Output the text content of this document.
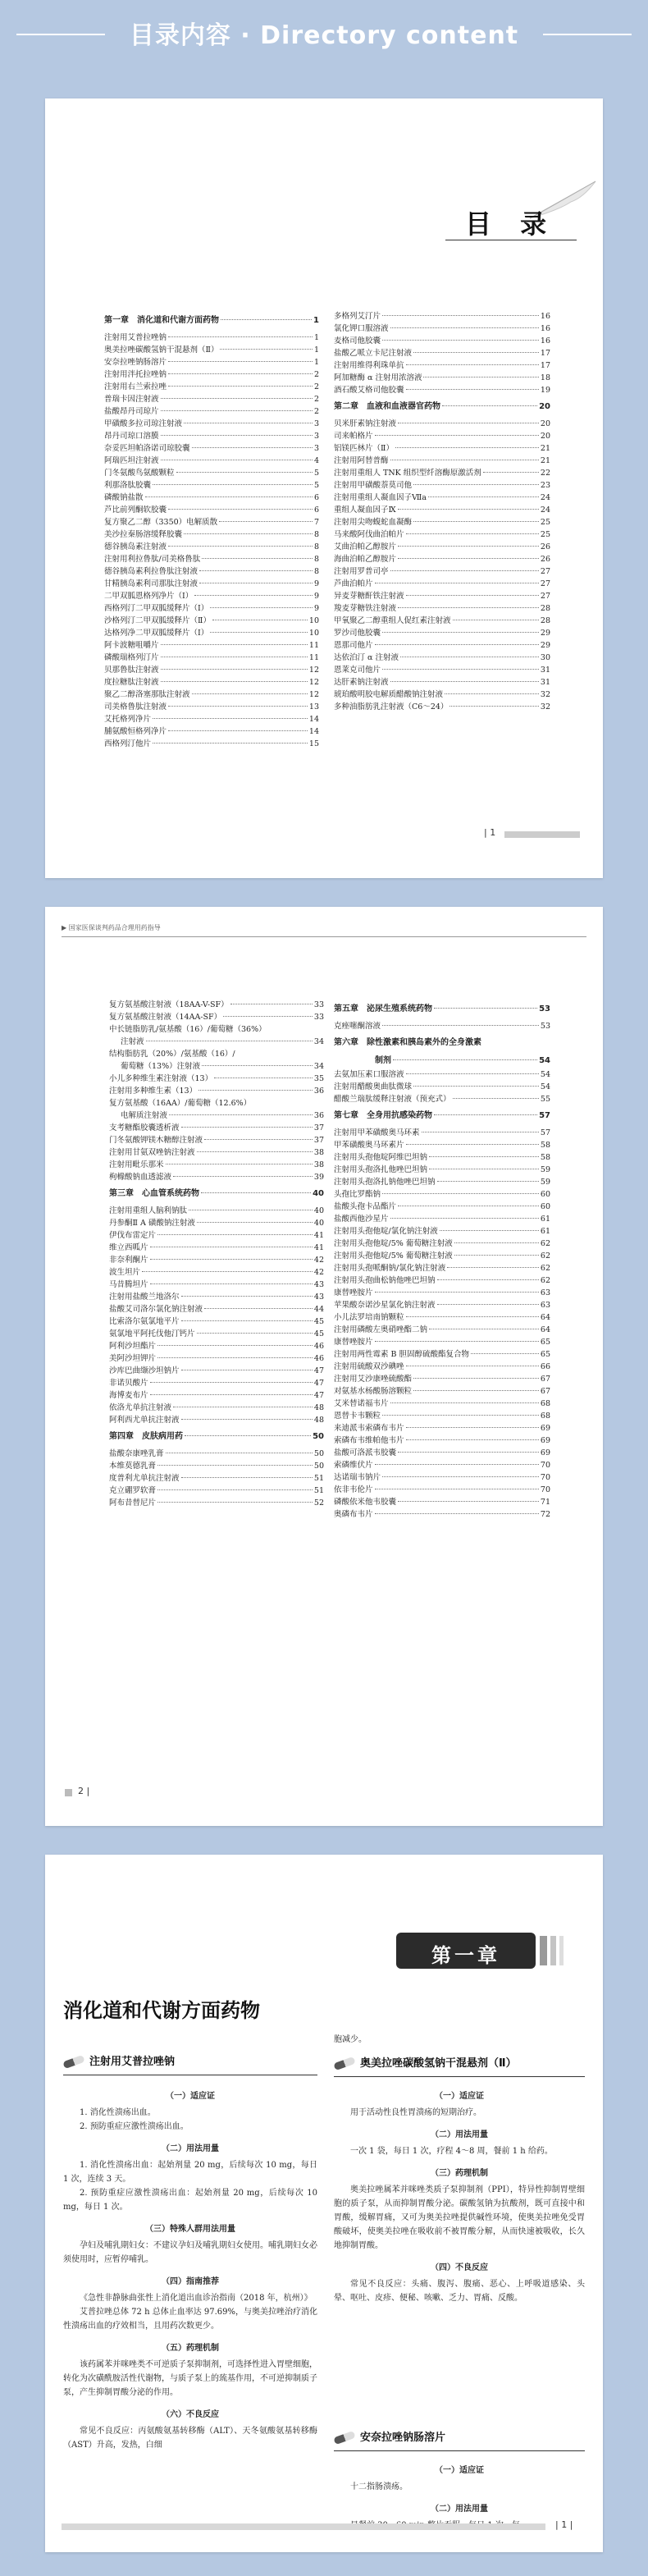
目录内容 · Directory content
目 录
第一章　消化道和代谢方面药物	1
注射用艾普拉唑钠	1
奥美拉唑碳酸氢钠干混悬剂（Ⅱ）	1
安奈拉唑钠肠溶片	1
注射用泮托拉唑钠	2
注射用右兰索拉唑	2
普瑞卡因注射液	2
盐酸昂丹司琼片	2
甲磺酸多拉司琼注射液	3
昂丹司琼口溶膜	3
奈妥匹坦帕洛诺司琼胶囊	3
阿瑞匹坦注射液	4
门冬氨酸鸟氨酸颗粒	5
利那洛肽胶囊	5
磷酸钠盐散	6
芦比前列酮软胶囊	6
复方聚乙二醇（3350）电解质散	7
美沙拉秦肠溶缓释胶囊	8
德谷胰岛素注射液	8
注射用利拉鲁肽/司美格鲁肽	8
德谷胰岛素利拉鲁肽注射液	8
甘精胰岛素利司那肽注射液	9
二甲双胍恩格列净片（Ⅰ）	9
西格列汀二甲双胍缓释片（Ⅰ）	9
沙格列汀二甲双胍缓释片（Ⅱ）	10
达格列净二甲双胍缓释片（Ⅰ）	10
阿卡波糖咀嚼片	11
磷酸瑞格列汀片	11
贝那鲁肽注射液	12
度拉糖肽注射液	12
聚乙二醇洛塞那肽注射液	12
司美格鲁肽注射液	13
艾托格列净片	14
脯氨酸恒格列净片	14
西格列汀他片	15
多格列艾汀片	16
氯化钾口服溶液	16
麦格司他胶囊	16
盐酸乙哌立卡尼注射液	17
注射用维得利珠单抗	17
阿加糖酶 α 注射用浓溶液	18
酒石酸艾格司他胶囊	19
第二章　血液和血液器官药物	20
贝米肝素钠注射液	20
司来帕格片	20
铝镁匹林片（Ⅱ）	21
注射用阿替普酶	21
注射用重组人 TNK 组织型纤溶酶原激活剂	22
注射用甲磺酸萘莫司他	23
注射用重组人凝血因子Ⅶa	24
重组人凝血因子Ⅸ	24
注射用尖吻蝮蛇血凝酶	25
马来酸阿伐曲泊帕片	25
艾曲泊帕乙醇胺片	26
海曲泊帕乙醇胺片	26
注射用罗普司亭	27
芦曲泊帕片	27
异麦芽糖酐铁注射液	27
羧麦芽糖铁注射液	28
甲氧聚乙二醇重组人促红素注射液	28
罗沙司他胶囊	29
恩那司他片	29
达依泊汀 α 注射液	30
恩莱克司他片	31
达肝素钠注射液	31
琥珀酸明胶电解质醋酸钠注射液	32
多种油脂肪乳注射液（C6～24）	32
| 1
▶ 国家医保谈判药品合理用药指导
复方氨基酸注射液（18AA-V-SF）	33
复方氨基酸注射液（14AA-SF）	33
中长链脂肪乳/氨基酸（16）/葡萄糖（36%）
注射液	34
结构脂肪乳（20%）/氨基酸（16）/
葡萄糖（13%）注射液	34
小儿多种维生素注射液（13）	35
注射用多种维生素（13）	36
复方氨基酸（16AA）/葡萄糖（12.6%）
电解质注射液	36
支考糖酯胶囊透析液	37
门冬氨酸钾镁木糖醇注射液	37
注射用甘氨双唑钠注射液	38
注射用毗乐那米	38
枸橼酸钠血透滤液	39
第三章　心血管系统药物	40
注射用重组人脑利钠肽	40
丹参酮Ⅱ A 磺酸钠注射液	40
伊伐布雷定片	41
维立西呱片	41
非奈利酮片	42
波生坦片	42
马昔腾坦片	43
注射用盐酸兰地洛尔	43
盐酸艾司洛尔氯化钠注射液	44
比索洛尔氨氯地平片	45
氨氯地平阿托伐他汀钙片	45
阿利沙坦酯片	46
美阿沙坦钾片	46
沙库巴曲缬沙坦钠片	47
非诺贝酸片	47
海博麦布片	47
依洛尤单抗注射液	48
阿利西尤单抗注射液	48
第四章　皮肤病用药	50
盐酸奈康唑乳膏	50
本维莫德乳膏	50
度普利尤单抗注射液	51
克立硼罗软膏	51
阿布昔替尼片	52
第五章　泌尿生殖系统药物	53
克痤噻酮溶液	53
第六章　除性激素和胰岛素外的全身激素
制剂	54
去氨加压素口服溶液	54
注射用醋酸奥曲肽微球	54
醋酸兰瑞肽缓释注射液（预充式）	55
第七章　全身用抗感染药物	57
注射用甲苯磺酸奥马环素	57
甲苯磺酸奥马环素片	58
注射用头孢他啶阿维巴坦钠	58
注射用头孢洛扎他唑巴坦钠	59
注射用头孢洛扎钠他唑巴坦钠	59
头孢比罗酯钠	60
盐酸头孢卡品酯片	60
盐酸西他沙星片	61
注射用头孢他啶/氯化钠注射液	61
注射用头孢他啶/5% 葡萄糖注射液	62
注射用头孢他啶/5% 葡萄糖注射液	62
注射用头孢哌酮钠/氯化钠注射液	62
注射用头孢曲松钠他唑巴坦钠	62
康替唑胺片	63
苹果酸奈诺沙星氯化钠注射液	63
小儿法罗培南钠颗粒	64
注射用磷酸左奥硝唑酯二钠	64
康替唑胺片	65
注射用两性霉素 B 胆固醇硫酸酯复合物	65
注射用硫酸双沙碘唑	66
注射用艾沙康唑硫酸酯	67
对氨基水杨酸肠溶颗粒	67
艾米替诺福韦片	68
恩替卡韦颗粒	68
来迪派韦索磷布韦片	69
索磷布韦维帕他韦片	69
盐酸可洛派韦胶囊	69
索磷维伏片	70
达诺瑞韦钠片	70
依非韦伦片	70
磷酸依米他韦胶囊	71
奥磷布韦片	72
2 |
第一章
消化道和代谢方面药物
注射用艾普拉唑钠
（一）适应证

1. 消化性溃疡出血。

2. 预防重症应激性溃疡出血。

（二）用法用量

1. 消化性溃疡出血：起始剂量 20 mg，后续每次 10 mg，每日 1 次，连续 3 天。

2. 预防重症应激性溃疡出血：起始剂量 20 mg，后续每次 10 mg，每日 1 次。

（三）特殊人群用法用量

孕妇及哺乳期妇女：不建议孕妇及哺乳期妇女使用。哺乳期妇女必须使用时，应暂停哺乳。

（四）指南推荐

《急性非静脉曲张性上消化道出血诊治指南（2018 年，杭州）》

艾普拉唑总体 72 h 总体止血率达 97.69%，与奥美拉唑治疗消化性溃疡出血的疗效相当，且用药次数更少。

（五）药理机制

该药属苯并咪唑类不可逆质子泵抑制剂，可选择性进入胃壁细胞，转化为次磺酰胺活性代谢物，与质子泵上的巯基作用，不可逆抑制质子泵，产生抑制胃酸分泌的作用。

（六）不良反应

常见不良反应：丙氨酸氨基转移酶（ALT）、天冬氨酸氨基转移酶（AST）升高，发热，白细

胞减少。

奥美拉唑碳酸氢钠干混悬剂（Ⅱ）
（一）适应证

用于活动性良性胃溃疡的短期治疗。

（二）用法用量

一次 1 袋，每日 1 次，疗程 4～8 周，餐前 1 h 给药。

（三）药理机制

奥美拉唑属苯并咪唑类质子泵抑制剂（PPI），特异性抑制胃壁细胞的质子泵，从而抑制胃酸分泌。碳酸氢钠为抗酸剂，既可直接中和胃酸，缓解胃痛，又可为奥美拉唑提供碱性环境，使奥美拉唑免受胃酸破坏，使奥美拉唑在吸收前不被胃酸分解，从而快速被吸收，长久地抑制胃酸。

（四）不良反应

常见不良反应：头痛、腹泻、腹痛、恶心、上呼吸道感染、头晕、呕吐、皮疹、便秘、咳嗽、乏力、胃痛、反酸。

安奈拉唑钠肠溶片
（一）适应证

十二指肠溃疡。

（二）用法用量

| 1 |
